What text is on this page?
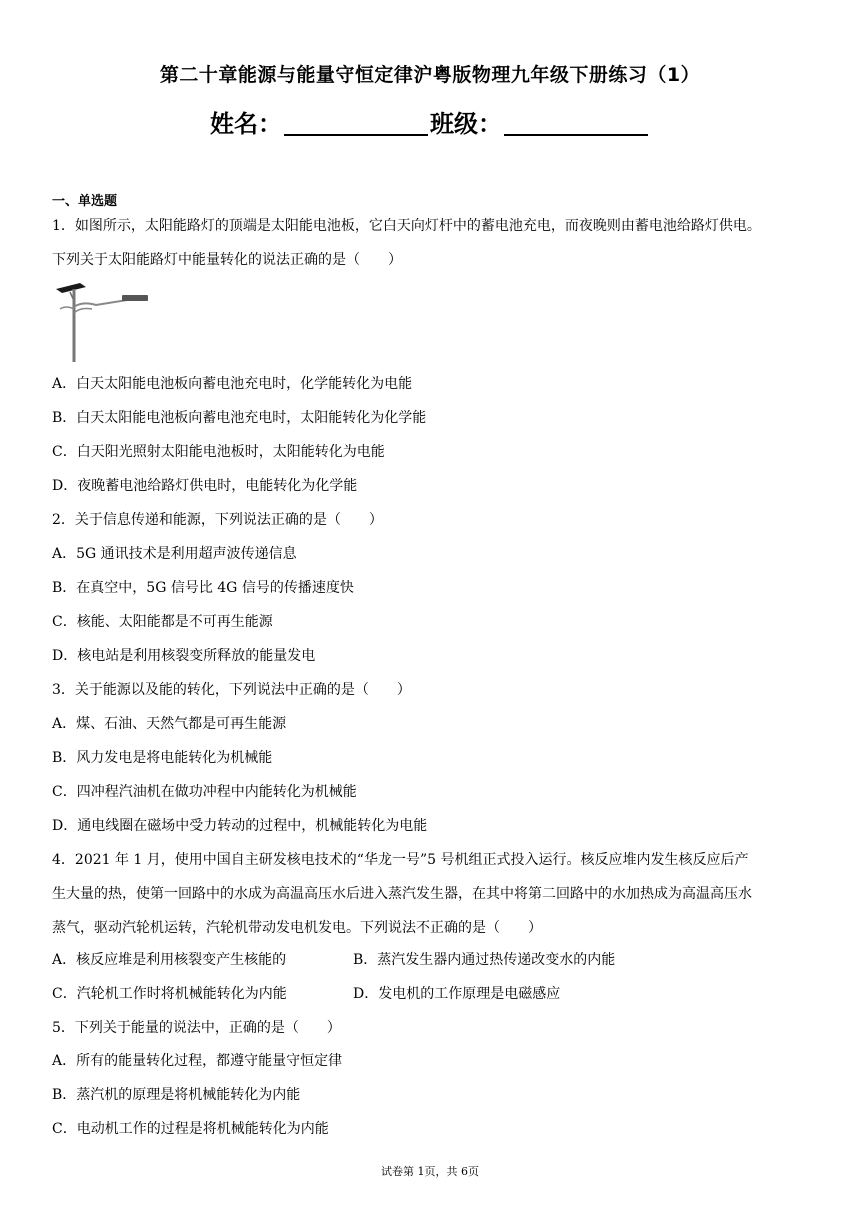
第二十章能源与能量守恒定律沪粤版物理九年级下册练习（1）
姓名：	班级：
一、单选题
1．如图所示，太阳能路灯的顶端是太阳能电池板，它白天向灯杆中的蓄电池充电，而夜晚则由蓄电池给路灯供电。
下列关于太阳能路灯中能量转化的说法正确的是（　　）
A．白天太阳能电池板向蓄电池充电时，化学能转化为电能
B．白天太阳能电池板向蓄电池充电时，太阳能转化为化学能
C．白天阳光照射太阳能电池板时，太阳能转化为电能
D．夜晚蓄电池给路灯供电时，电能转化为化学能
2．关于信息传递和能源，下列说法正确的是（　　）
A．5G 通讯技术是利用超声波传递信息
B．在真空中，5G 信号比 4G 信号的传播速度快
C．核能、太阳能都是不可再生能源
D．核电站是利用核裂变所释放的能量发电
3．关于能源以及能的转化，下列说法中正确的是（　　）
A．煤、石油、天然气都是可再生能源
B．风力发电是将电能转化为机械能
C．四冲程汽油机在做功冲程中内能转化为机械能
D．通电线圈在磁场中受力转动的过程中，机械能转化为电能
4．2021 年 1 月，使用中国自主研发核电技术的“华龙一号”5 号机组正式投入运行。核反应堆内发生核反应后产
生大量的热，使第一回路中的水成为高温高压水后进入蒸汽发生器，在其中将第二回路中的水加热成为高温高压水
蒸气，驱动汽轮机运转，汽轮机带动发电机发电。下列说法不正确的是（　　）
A．核反应堆是利用核裂变产生核能的	B．蒸汽发生器内通过热传递改变水的内能
C．汽轮机工作时将机械能转化为内能	D．发电机的工作原理是电磁感应
5．下列关于能量的说法中，正确的是（　　）
A．所有的能量转化过程，都遵守能量守恒定律
B．蒸汽机的原理是将机械能转化为内能
C．电动机工作的过程是将机械能转化为内能
试卷第 1页，共 6页
